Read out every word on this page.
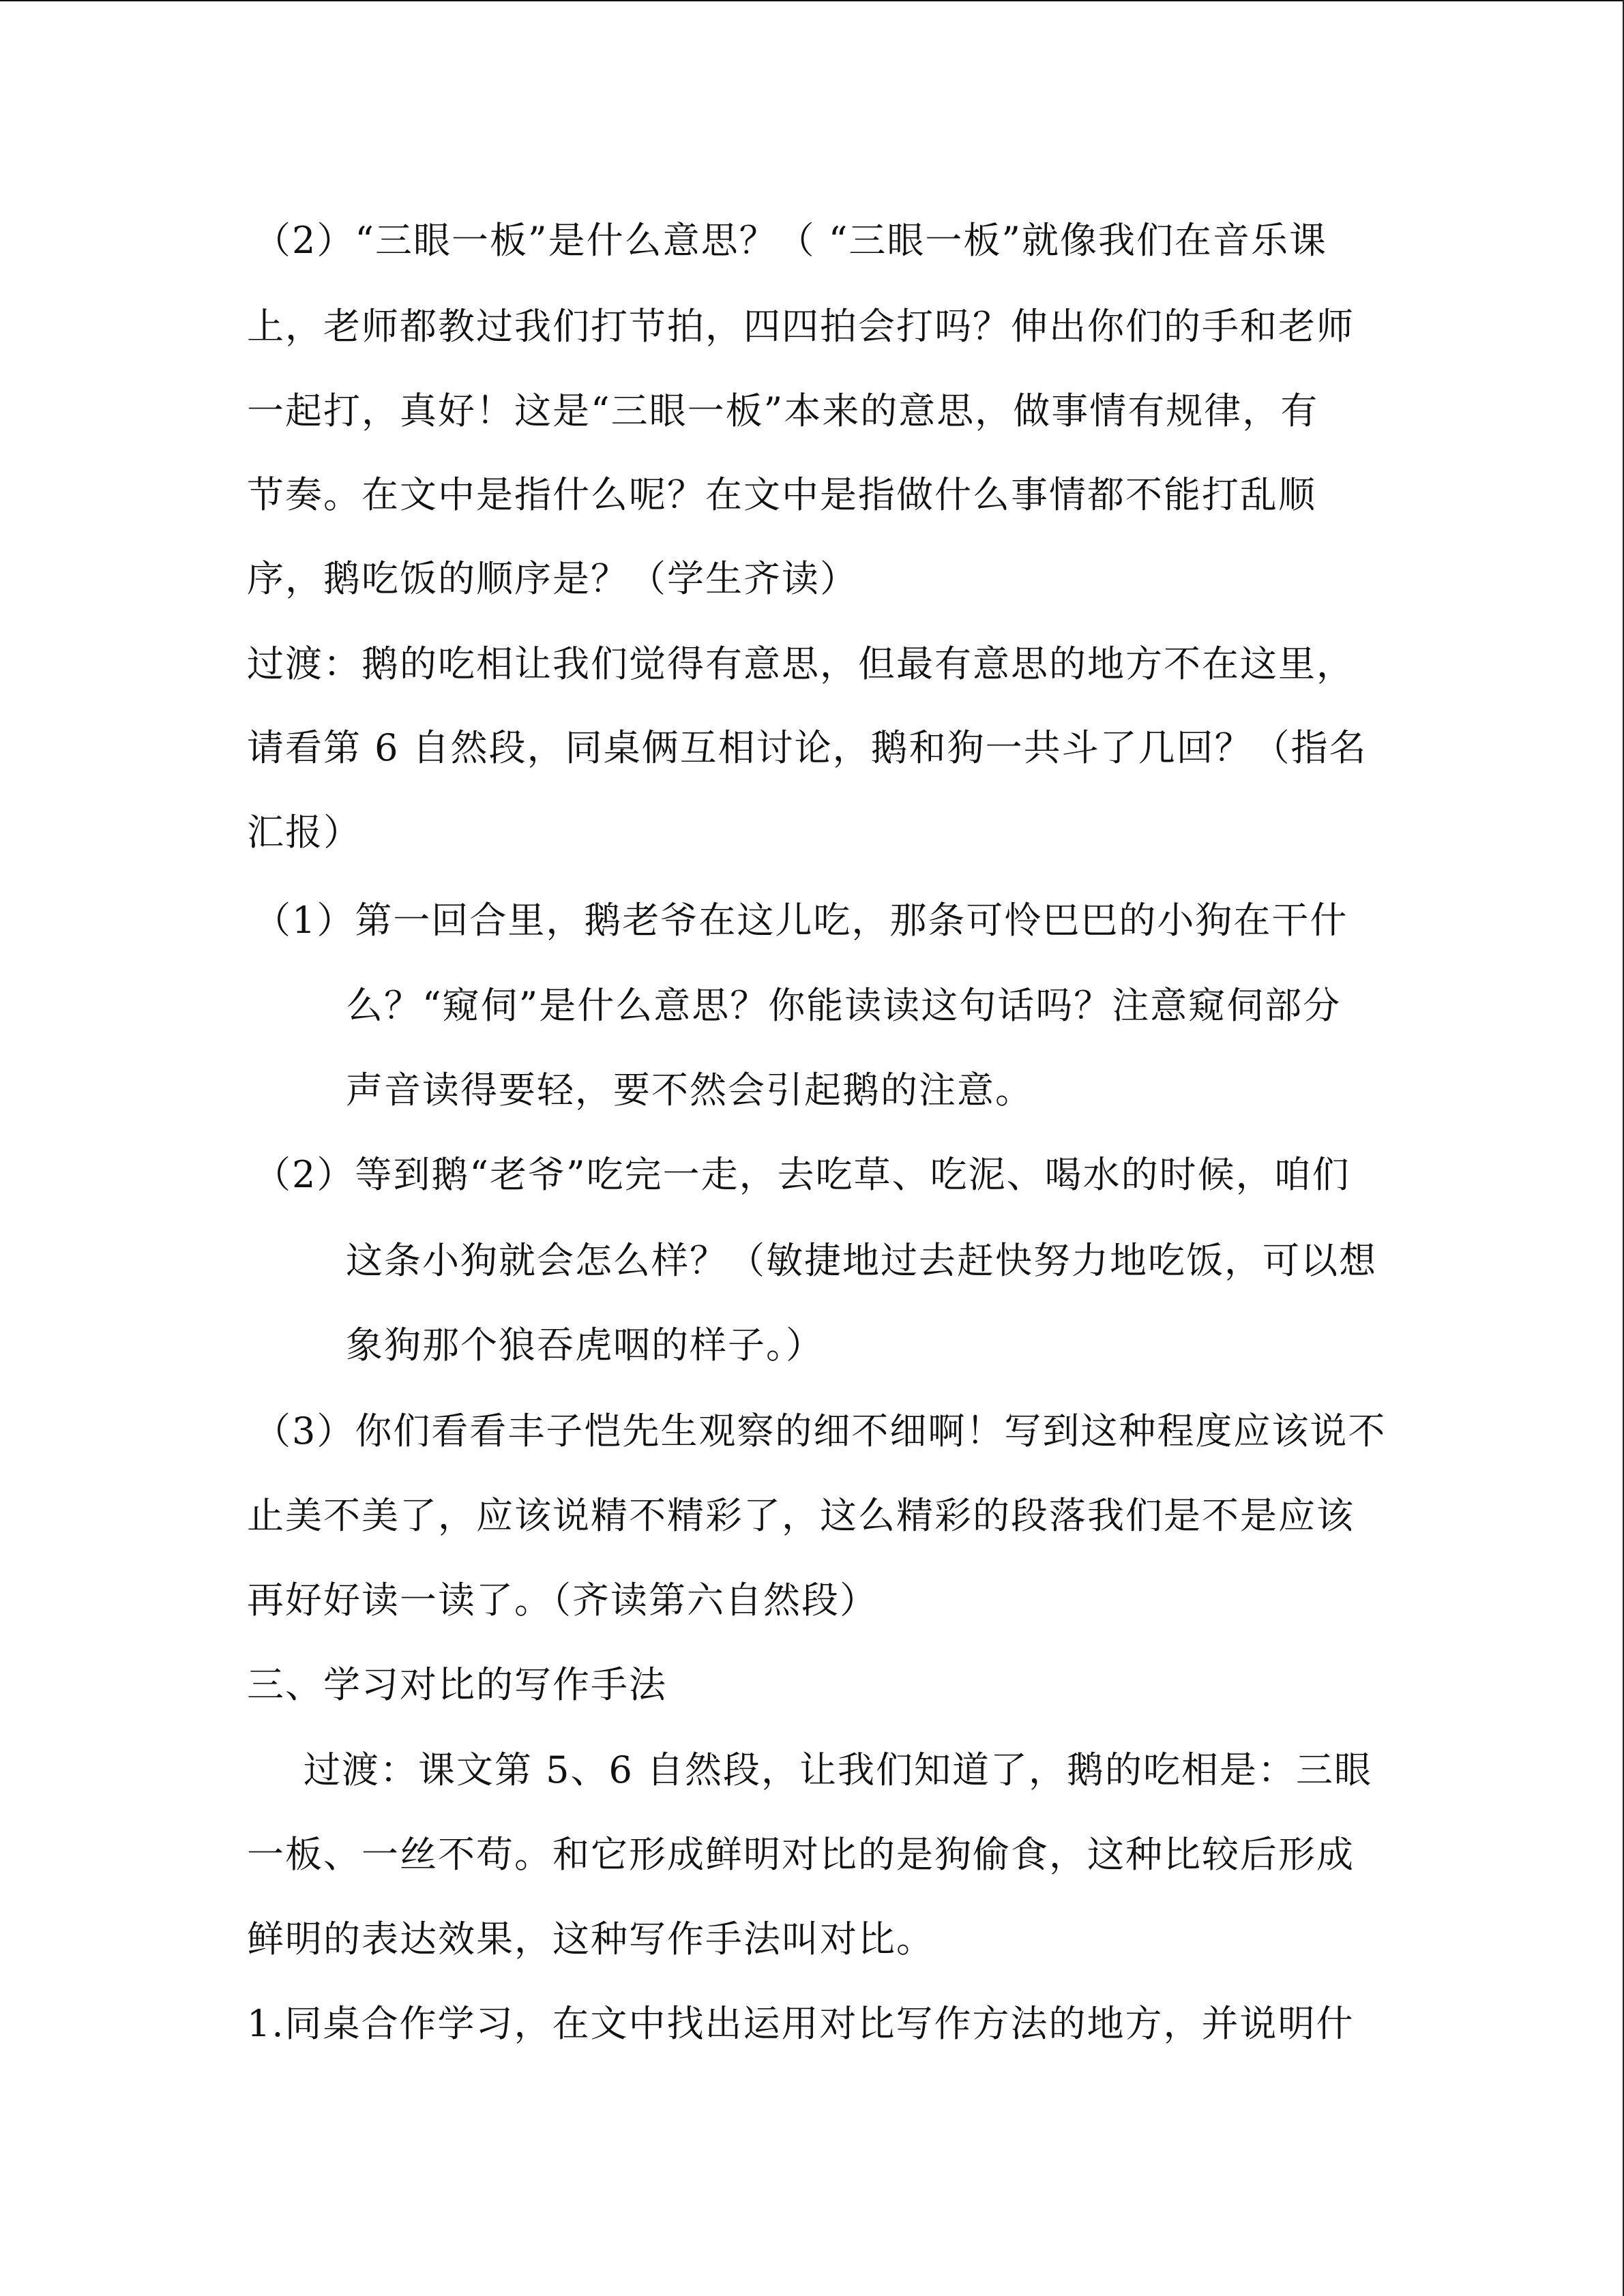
（2）“三眼一板”是什么意思？（ “三眼一板”就像我们在音乐课
上，老师都教过我们打节拍，四四拍会打吗？伸出你们的手和老师
一起打，真好！这是“三眼一板”本来的意思，做事情有规律，有
节奏。在文中是指什么呢？在文中是指做什么事情都不能打乱顺
序，鹅吃饭的顺序是？（学生齐读）
过渡：鹅的吃相让我们觉得有意思，但最有意思的地方不在这里，
请看第 6 自然段，同桌俩互相讨论，鹅和狗一共斗了几回？（指名
汇报）
（1）第一回合里，鹅老爷在这儿吃，那条可怜巴巴的小狗在干什
么？“窥伺”是什么意思？你能读读这句话吗？注意窥伺部分
声音读得要轻，要不然会引起鹅的注意。
（2）等到鹅“老爷”吃完一走，去吃草、吃泥、喝水的时候，咱们
这条小狗就会怎么样？（敏捷地过去赶快努力地吃饭，可以想
象狗那个狼吞虎咽的样子。）
（3）你们看看丰子恺先生观察的细不细啊！写到这种程度应该说不
止美不美了，应该说精不精彩了，这么精彩的段落我们是不是应该
再好好读一读了。（齐读第六自然段）
三、学习对比的写作手法
过渡：课文第 5、6 自然段，让我们知道了，鹅的吃相是：三眼
一板、一丝不苟。和它形成鲜明对比的是狗偷食，这种比较后形成
鲜明的表达效果，这种写作手法叫对比。
1.同桌合作学习，在文中找出运用对比写作方法的地方，并说明什
